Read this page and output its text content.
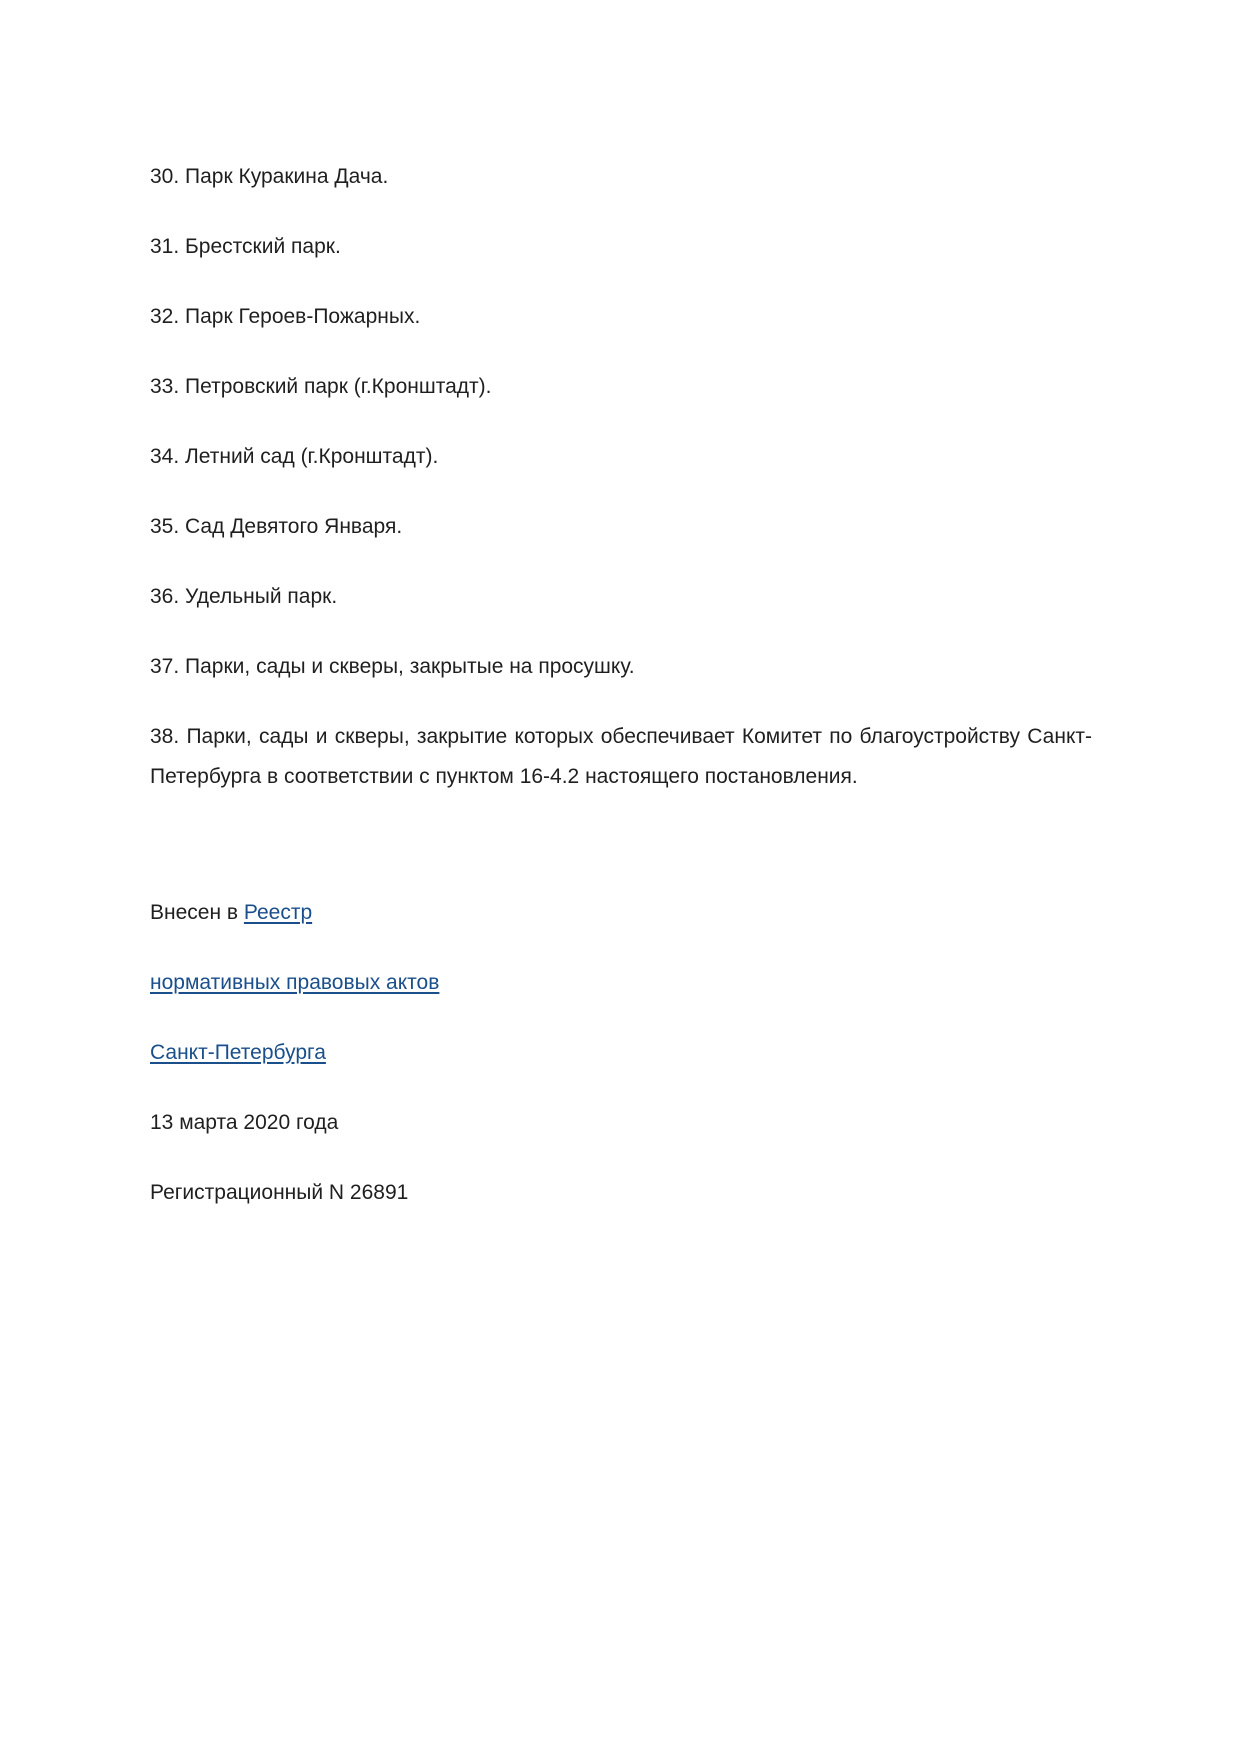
30. Парк Куракина Дача.
31. Брестский парк.
32. Парк Героев-Пожарных.
33. Петровский парк (г.Кронштадт).
34. Летний сад (г.Кронштадт).
35. Сад Девятого Января.
36. Удельный парк.
37. Парки, сады и скверы, закрытые на просушку.
38. Парки, сады и скверы, закрытие которых обеспечивает Комитет по благоустройству Санкт-Петербурга в соответствии с пунктом 16-4.2 настоящего постановления.
Внесен в Реестр
нормативных правовых актов
Санкт-Петербурга
13 марта 2020 года
Регистрационный N 26891
